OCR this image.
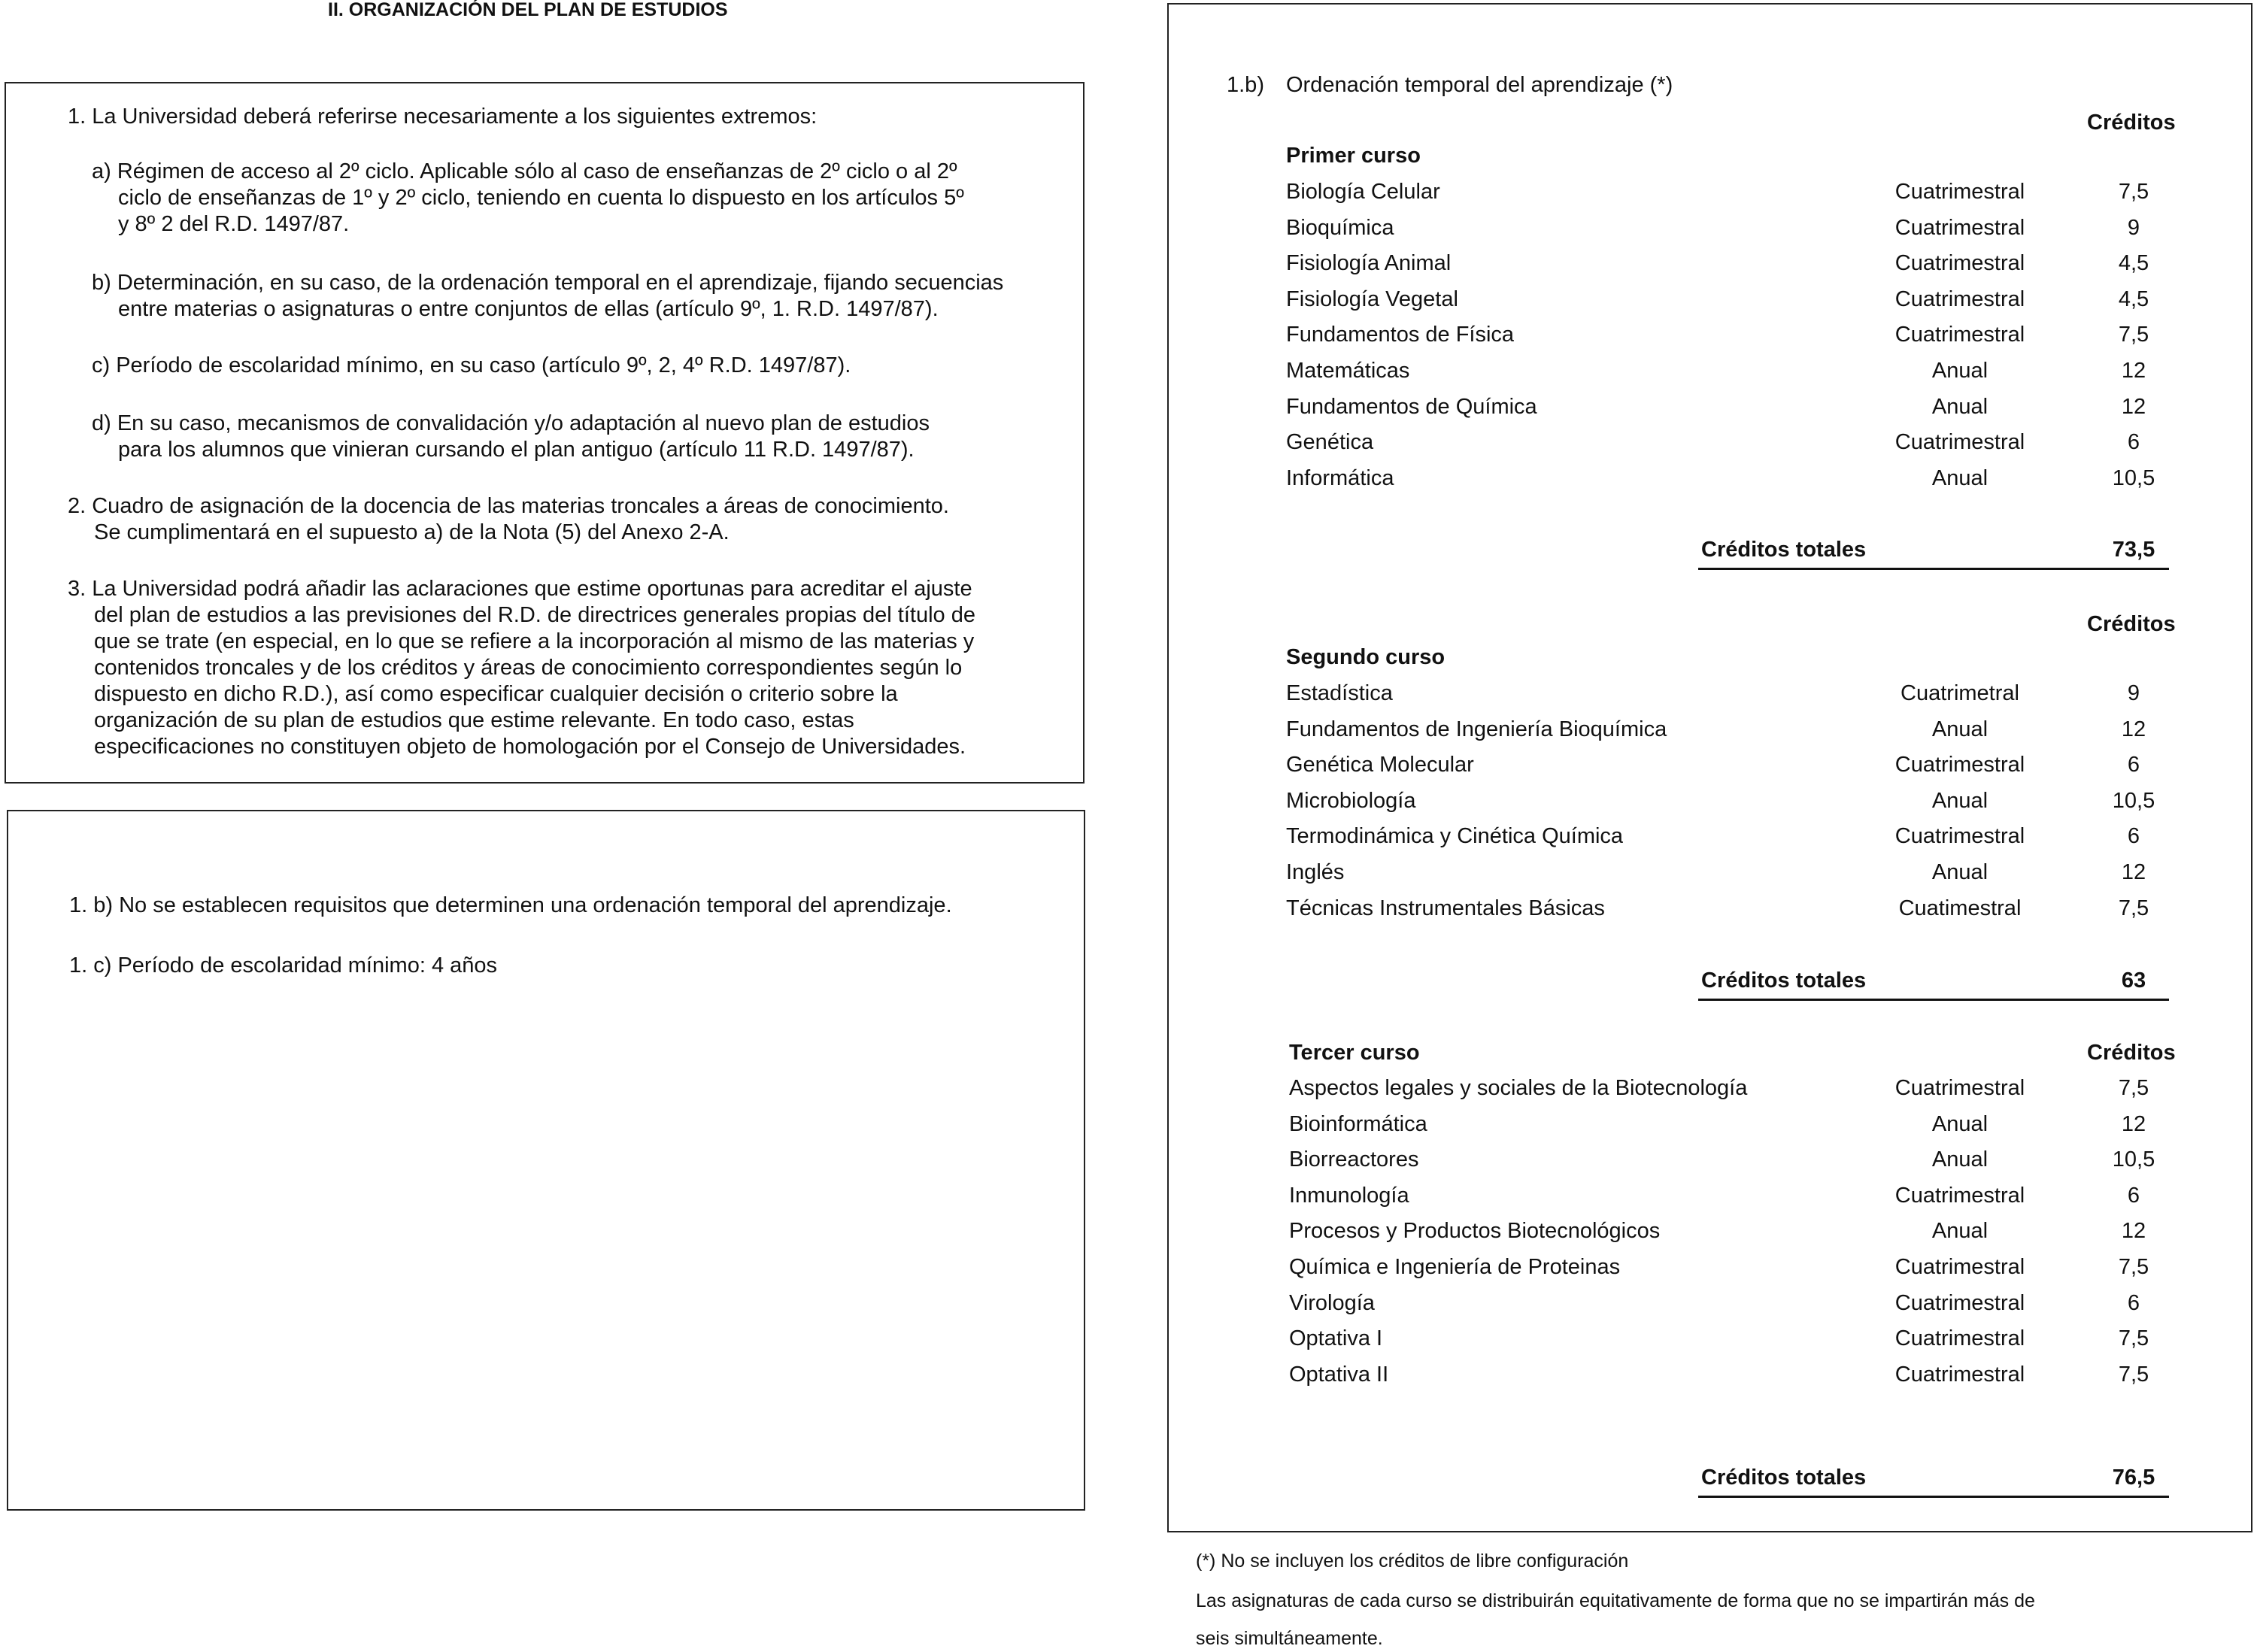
II. ORGANIZACIÓN DEL PLAN DE ESTUDIOS
1. La Universidad deberá referirse necesariamente a los siguientes extremos:
a) Régimen de acceso al 2º ciclo. Aplicable sólo al caso de enseñanzas de 2º ciclo o al 2º
ciclo de enseñanzas de 1º y 2º ciclo, teniendo en cuenta lo dispuesto en los artículos 5º
y 8º 2 del R.D. 1497/87.
b) Determinación, en su caso, de la ordenación temporal en el aprendizaje, fijando secuencias
entre materias o asignaturas o entre conjuntos de ellas (artículo 9º, 1. R.D. 1497/87).
c) Período de escolaridad mínimo, en su caso (artículo 9º, 2, 4º R.D. 1497/87).
d) En su caso, mecanismos de convalidación y/o adaptación al nuevo plan de estudios
para los alumnos que vinieran cursando el plan antiguo (artículo 11 R.D. 1497/87).
2. Cuadro de asignación de la docencia de las materias troncales a áreas de conocimiento.
Se cumplimentará en el supuesto a) de la Nota (5) del Anexo 2-A.
3. La Universidad podrá añadir las aclaraciones que estime oportunas para acreditar el ajuste
del plan de estudios a las previsiones del R.D. de directrices generales propias del título de
que se trate (en especial, en lo que se refiere a la incorporación al mismo de las materias y
contenidos troncales y de los créditos y áreas de conocimiento correspondientes según lo
dispuesto en dicho R.D.), así como especificar cualquier decisión o criterio sobre la
organización de su plan de estudios que estime relevante. En todo caso, estas
especificaciones no constituyen objeto de homologación por el Consejo de Universidades.
1. b) No se establecen requisitos que determinen una ordenación temporal del aprendizaje.
1. c) Período de escolaridad mínimo: 4 años
1.b) Ordenación temporal del aprendizaje (*)
Créditos
Primer curso
Biología Celular	Cuatrimestral	7,5
Bioquímica	Cuatrimestral	9
Fisiología Animal	Cuatrimestral	4,5
Fisiología Vegetal	Cuatrimestral	4,5
Fundamentos de Física	Cuatrimestral	7,5
Matemáticas	Anual	12
Fundamentos de Química	Anual	12
Genética	Cuatrimestral	6
Informática	Anual	10,5
Créditos totales	73,5
Créditos
Segundo curso
Estadística	Cuatrimetral	9
Fundamentos de Ingeniería Bioquímica	Anual	12
Genética Molecular	Cuatrimestral	6
Microbiología	Anual	10,5
Termodinámica y Cinética Química	Cuatrimestral	6
Inglés	Anual	12
Técnicas Instrumentales Básicas	Cuatimestral	7,5
Créditos totales	63
Créditos
Tercer curso
Aspectos legales y sociales de la Biotecnología	Cuatrimestral	7,5
Bioinformática	Anual	12
Biorreactores	Anual	10,5
Inmunología	Cuatrimestral	6
Procesos y Productos Biotecnológicos	Anual	12
Química e Ingeniería de Proteinas	Cuatrimestral	7,5
Virología	Cuatrimestral	6
Optativa I	Cuatrimestral	7,5
Optativa II	Cuatrimestral	7,5
Créditos totales	76,5
(*) No se incluyen los créditos de libre configuración
Las asignaturas de cada curso se distribuirán equitativamente de forma que no se impartirán más de
seis simultáneamente.
